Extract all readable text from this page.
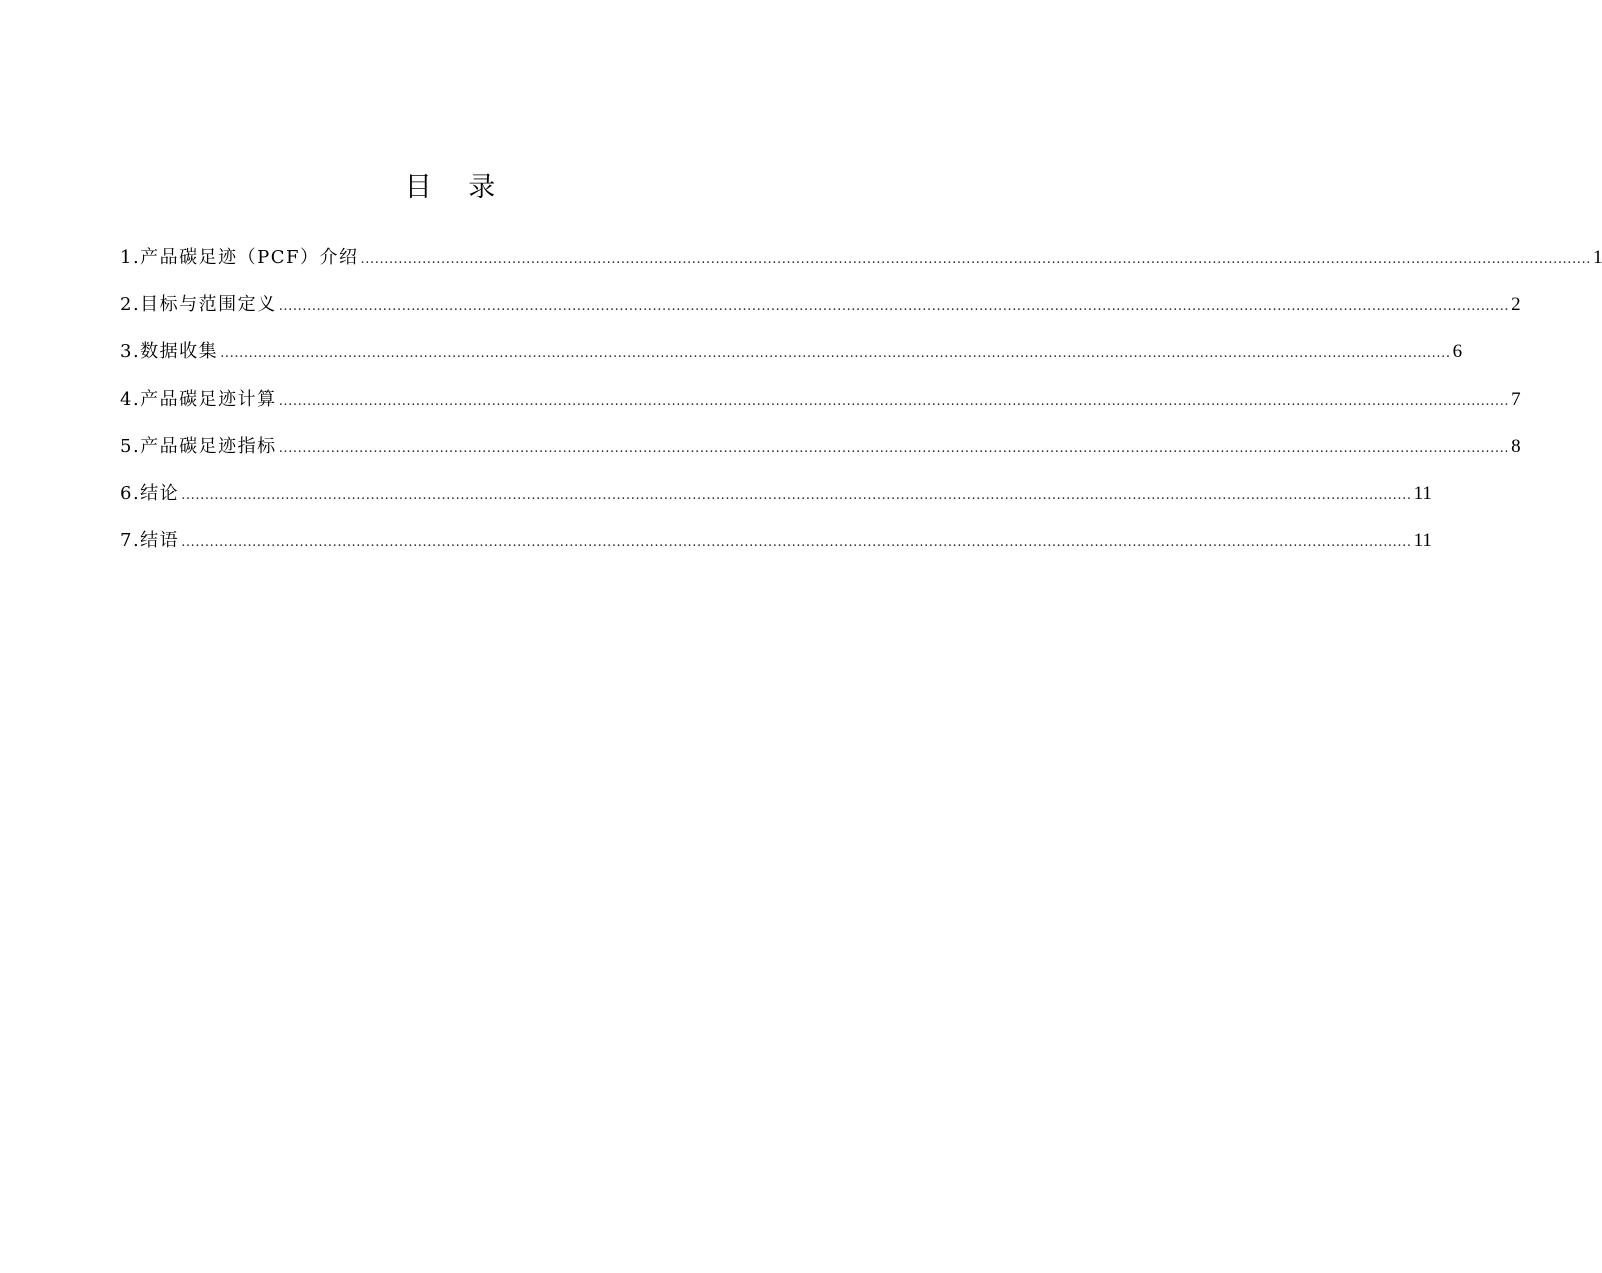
目 录
1.产品碳足迹（PCF）介绍 .................................................................................................................................................................................................................................................................... 1
2.目标与范围定义 .................................................................................................................................................................................................................................................................... 2
3.数据收集 .................................................................................................................................................................................................................................................................... 6
4.产品碳足迹计算 .................................................................................................................................................................................................................................................................... 7
5.产品碳足迹指标 .................................................................................................................................................................................................................................................................... 8
6.结论 .................................................................................................................................................................................................................................................................... 11
7.结语 .................................................................................................................................................................................................................................................................... 11
